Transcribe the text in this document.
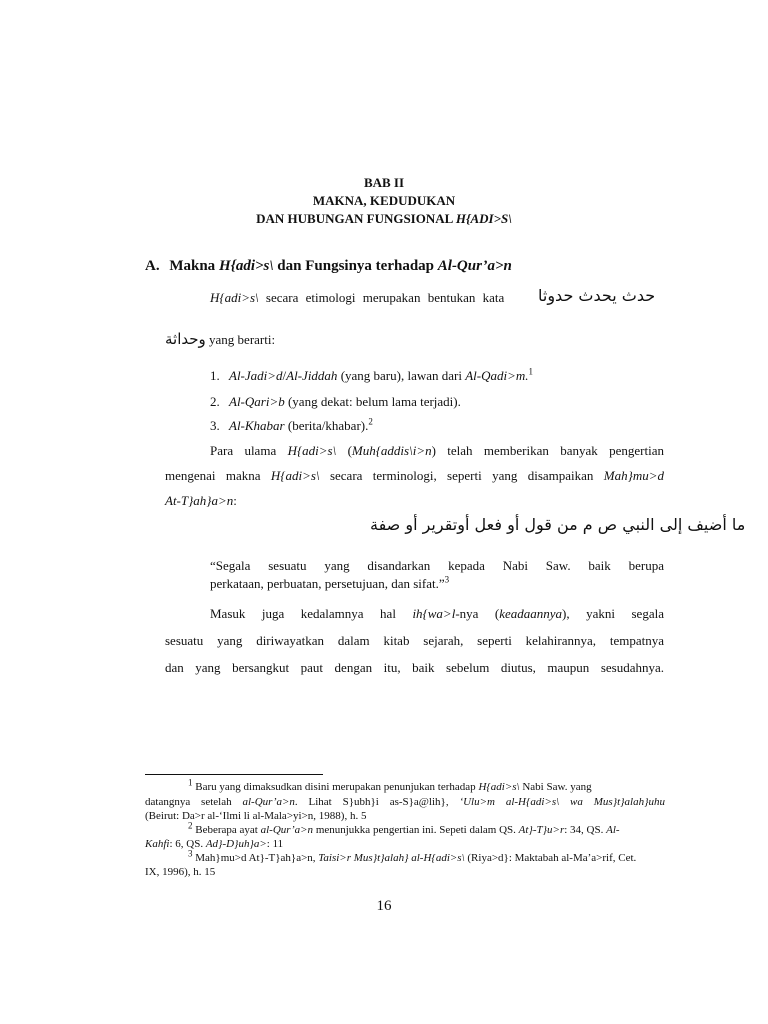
BAB II
MAKNA, KEDUDUKAN
DAN HUBUNGAN FUNGSIONAL H{ADI>S\
A. Makna H{adi>s\ dan Fungsinya terhadap Al-Qur’a>n
H{adi>s\ secara etimologi merupakan bentukan kata حدث يحدث حدوثا
وحداثة yang berarti:
1. Al-Jadi>d/Al-Jiddah (yang baru), lawan dari Al-Qadi>m.$^1$
2. Al-Qari>b (yang dekat: belum lama terjadi).
3. Al-Khabar (berita/khabar).$^2$
Para ulama H{adi>s\ (Muh{addis\i>n) telah memberikan banyak pengertian
mengenai makna H{adi>s\ secara terminologi, seperti yang disampaikan Mah}mu>d
At-T}ah}a>n:
ما أضيف إلى النبي ص م من قول أو فعل أوتقرير أو صفة
“Segala sesuatu yang disandarkan kepada Nabi Saw. baik berupa
perkataan, perbuatan, persetujuan, dan sifat.”$^3$
Masuk juga kedalamnya hal ih{wa>l-nya (keadaannya), yakni segala
sesuatu yang diriwayatkan dalam kitab sejarah, seperti kelahirannya, tempatnya
dan yang bersangkut paut dengan itu, baik sebelum diutus, maupun sesudahnya.
$^1$ Baru yang dimaksudkan disini merupakan penunjukan terhadap H{adi>s\ Nabi Saw. yang
datangnya setelah al-Qur’a>n. Lihat S}ubh}i as-S}a@lih}, ‘Ulu>m al-H{adi>s\ wa Mus}t}alah}uhu
(Beirut: Da>r al-‘Ilmi li al-Mala>yi>n, 1988), h. 5
$^2$ Beberapa ayat al-Qur’a>n menunjukka pengertian ini. Sepeti dalam QS. At}-T}u>r: 34, QS. Al-
Kahfi: 6, QS. Ad}-D}uh}a>: 11
$^3$ Mah}mu>d At}-T}ah}a>n, Taisi>r Mus}t}alah} al-H{adi>s\ (Riya>d}: Maktabah al-Ma’a>rif, Cet.
IX, 1996), h. 15
16
